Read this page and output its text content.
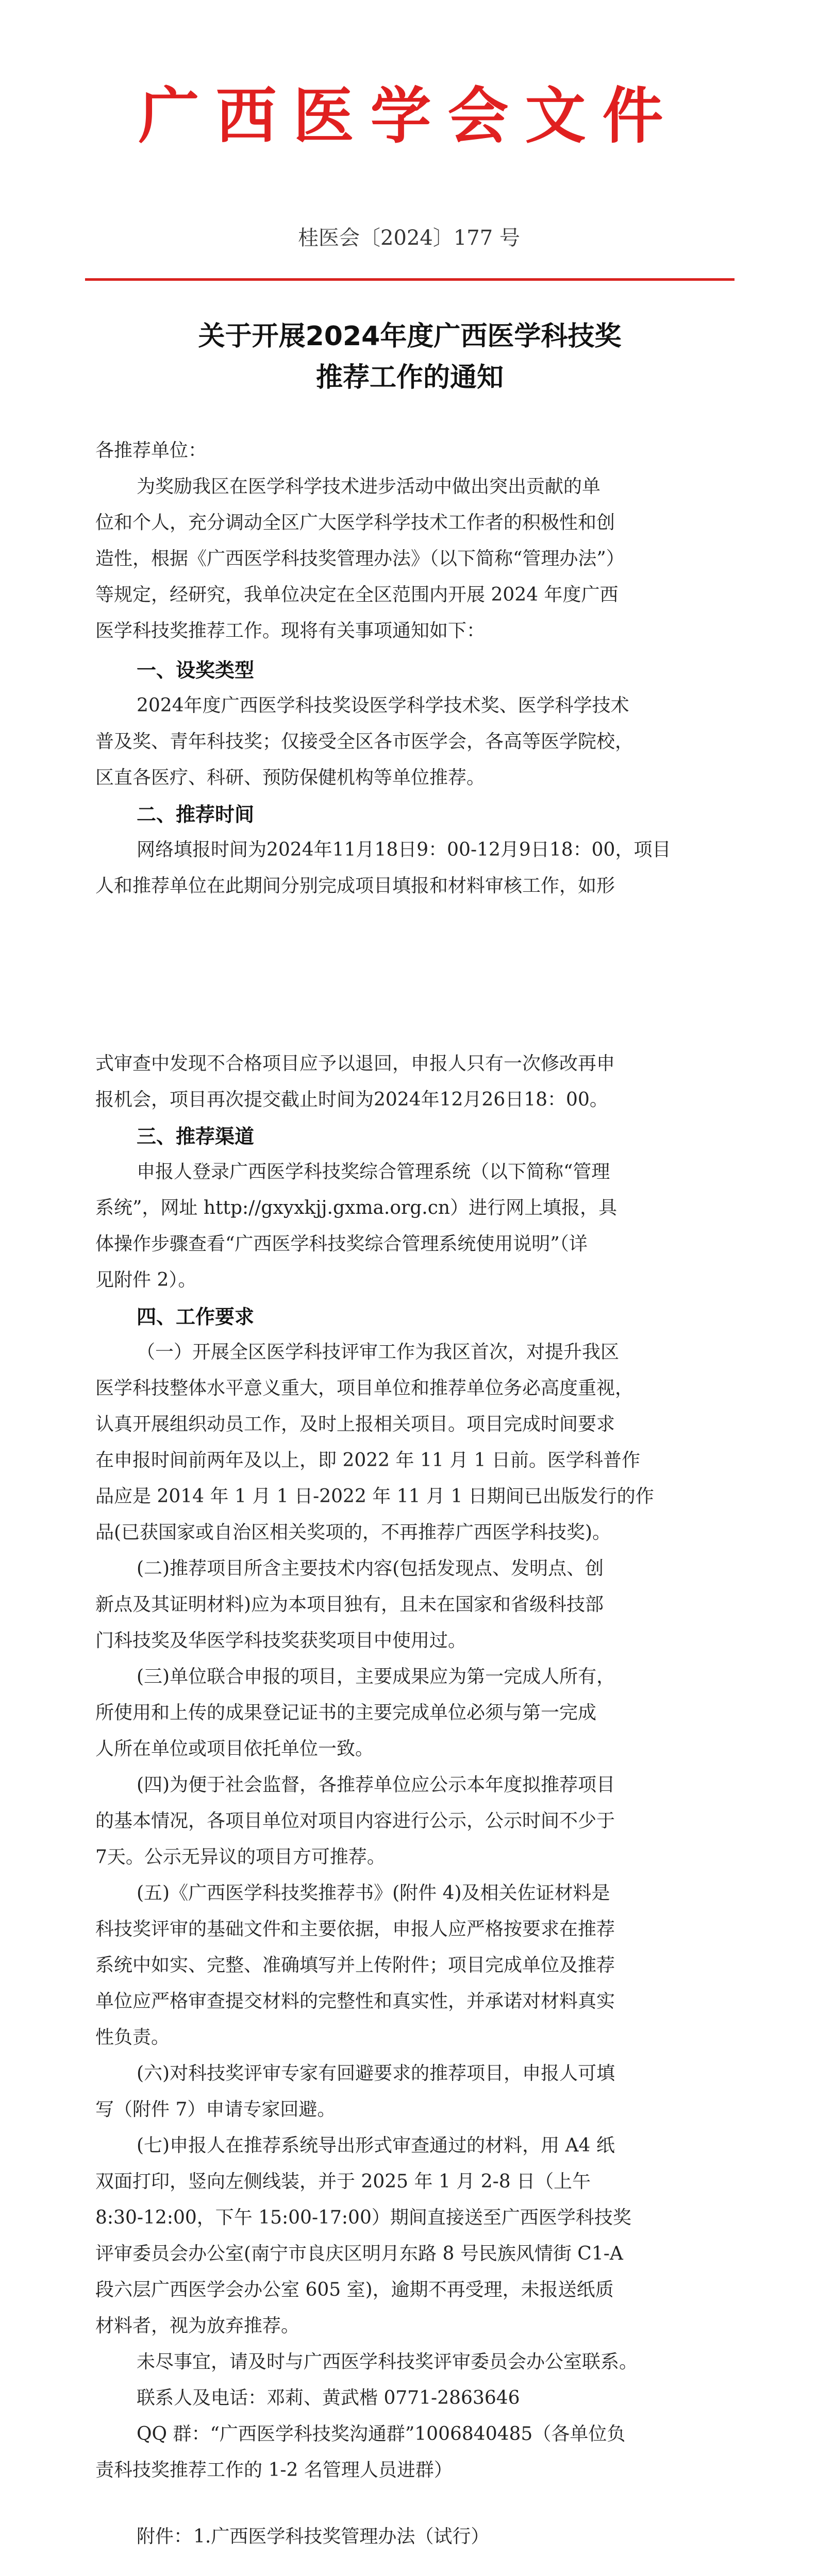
广西医学会文件
桂医会〔2024〕177 号
关于开展2024年度广西医学科技奖
推荐工作的通知
各推荐单位：
为奖励我区在医学科学技术进步活动中做出突出贡献的单
位和个人，充分调动全区广大医学科学技术工作者的积极性和创
造性，根据《广西医学科技奖管理办法》（以下简称“管理办法”）
等规定，经研究，我单位决定在全区范围内开展 2024 年度广西
医学科技奖推荐工作。现将有关事项通知如下：
一、设奖类型
2024年度广西医学科技奖设医学科学技术奖、医学科学技术
普及奖、青年科技奖；仅接受全区各市医学会，各高等医学院校，
区直各医疗、科研、预防保健机构等单位推荐。
二、推荐时间
网络填报时间为2024年11月18日9：00-12月9日18：00，项目
人和推荐单位在此期间分别完成项目填报和材料审核工作，如形
式审查中发现不合格项目应予以退回，申报人只有一次修改再申
报机会，项目再次提交截止时间为2024年12月26日18：00。
三、推荐渠道
申报人登录广西医学科技奖综合管理系统（以下简称“管理
系统”，网址 http://gxyxkjj.gxma.org.cn）进行网上填报，具
体操作步骤查看“广西医学科技奖综合管理系统使用说明”（详
见附件 2）。
四、工作要求
（一）开展全区医学科技评审工作为我区首次，对提升我区
医学科技整体水平意义重大，项目单位和推荐单位务必高度重视，
认真开展组织动员工作，及时上报相关项目。项目完成时间要求
在申报时间前两年及以上，即 2022 年 11 月 1 日前。医学科普作
品应是 2014 年 1 月 1 日-2022 年 11 月 1 日期间已出版发行的作
品(已获国家或自治区相关奖项的，不再推荐广西医学科技奖)。
(二)推荐项目所含主要技术内容(包括发现点、发明点、创
新点及其证明材料)应为本项目独有，且未在国家和省级科技部
门科技奖及华医学科技奖获奖项目中使用过。
(三)单位联合申报的项目，主要成果应为第一完成人所有，
所使用和上传的成果登记证书的主要完成单位必须与第一完成
人所在单位或项目依托单位一致。
(四)为便于社会监督，各推荐单位应公示本年度拟推荐项目
的基本情况，各项目单位对项目内容进行公示，公示时间不少于
7天。公示无异议的项目方可推荐。
(五)《广西医学科技奖推荐书》(附件 4)及相关佐证材料是
科技奖评审的基础文件和主要依据，申报人应严格按要求在推荐
系统中如实、完整、准确填写并上传附件；项目完成单位及推荐
单位应严格审查提交材料的完整性和真实性，并承诺对材料真实
性负责。
(六)对科技奖评审专家有回避要求的推荐项目，申报人可填
写（附件 7）申请专家回避。
(七)申报人在推荐系统导出形式审查通过的材料，用 A4 纸
双面打印，竖向左侧线装，并于 2025 年 1 月 2-8 日（上午
8:30-12:00，下午 15:00-17:00）期间直接送至广西医学科技奖
评审委员会办公室(南宁市良庆区明月东路 8 号民族风情街 C1-A
段六层广西医学会办公室 605 室)，逾期不再受理，未报送纸质
材料者，视为放弃推荐。
未尽事宜，请及时与广西医学科技奖评审委员会办公室联系。
联系人及电话：邓莉、黄武楷 0771-2863646
QQ 群：“广西医学科技奖沟通群”1006840485（各单位负
责科技奖推荐工作的 1-2 名管理人员进群）
附件： 1.广西医学科技奖管理办法（试行）
